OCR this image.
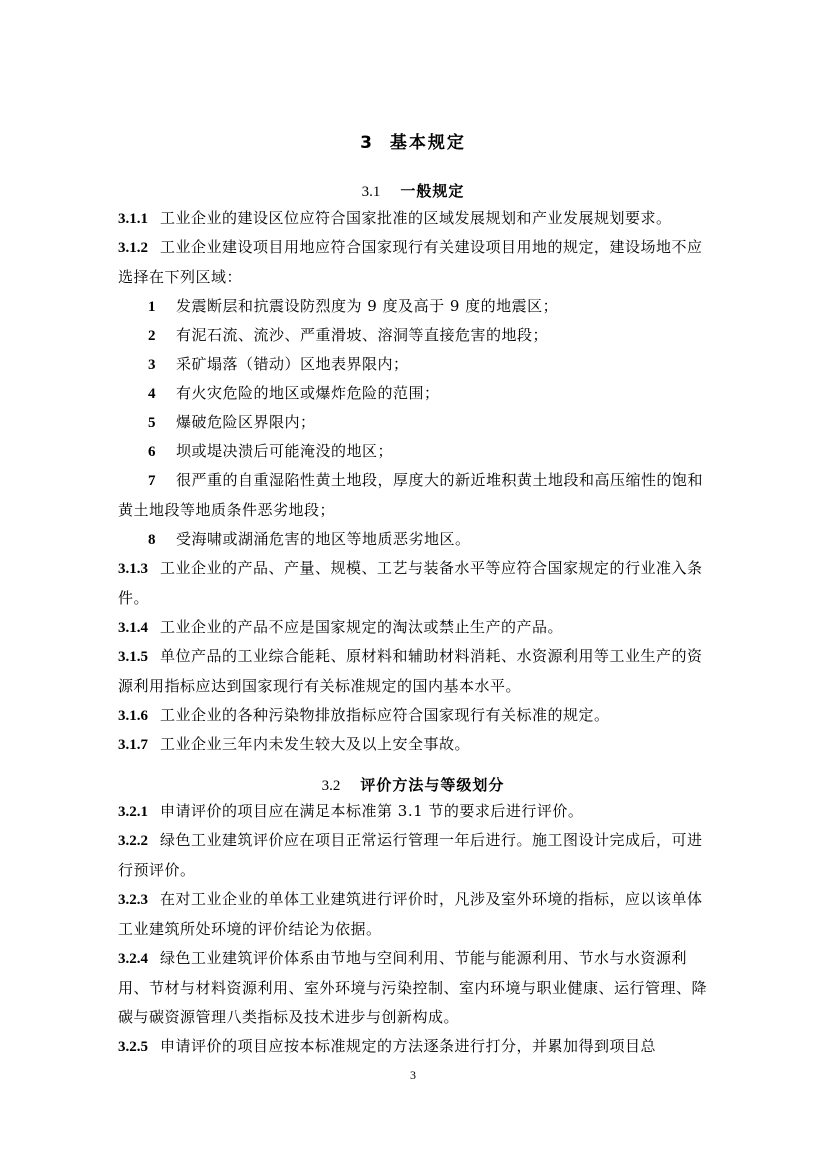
3 基本规定
3.1 一般规定
3.1.1 工业企业的建设区位应符合国家批准的区域发展规划和产业发展规划要求。
3.1.2 工业企业建设项目用地应符合国家现行有关建设项目用地的规定，建设场地不应选择在下列区域：
1 发震断层和抗震设防烈度为 9 度及高于 9 度的地震区；
2 有泥石流、流沙、严重滑坡、溶洞等直接危害的地段；
3 采矿塌落（错动）区地表界限内；
4 有火灾危险的地区或爆炸危险的范围；
5 爆破危险区界限内；
6 坝或堤决溃后可能淹没的地区；
7 很严重的自重湿陷性黄土地段，厚度大的新近堆积黄土地段和高压缩性的饱和黄土地段等地质条件恶劣地段；
8 受海啸或湖涌危害的地区等地质恶劣地区。
3.1.3 工业企业的产品、产量、规模、工艺与装备水平等应符合国家规定的行业准入条件。
3.1.4 工业企业的产品不应是国家规定的淘汰或禁止生产的产品。
3.1.5 单位产品的工业综合能耗、原材料和辅助材料消耗、水资源利用等工业生产的资源利用指标应达到国家现行有关标准规定的国内基本水平。
3.1.6 工业企业的各种污染物排放指标应符合国家现行有关标准的规定。
3.1.7 工业企业三年内未发生较大及以上安全事故。
3.2 评价方法与等级划分
3.2.1 申请评价的项目应在满足本标准第 3.1 节的要求后进行评价。
3.2.2 绿色工业建筑评价应在项目正常运行管理一年后进行。施工图设计完成后，可进行预评价。
3.2.3 在对工业企业的单体工业建筑进行评价时，凡涉及室外环境的指标，应以该单体工业建筑所处环境的评价结论为依据。
3.2.4 绿色工业建筑评价体系由节地与空间利用、节能与能源利用、节水与水资源利用、节材与材料资源利用、室外环境与污染控制、室内环境与职业健康、运行管理、降碳与碳资源管理八类指标及技术进步与创新构成。
3.2.5 申请评价的项目应按本标准规定的方法逐条进行打分，并累加得到项目总
3
